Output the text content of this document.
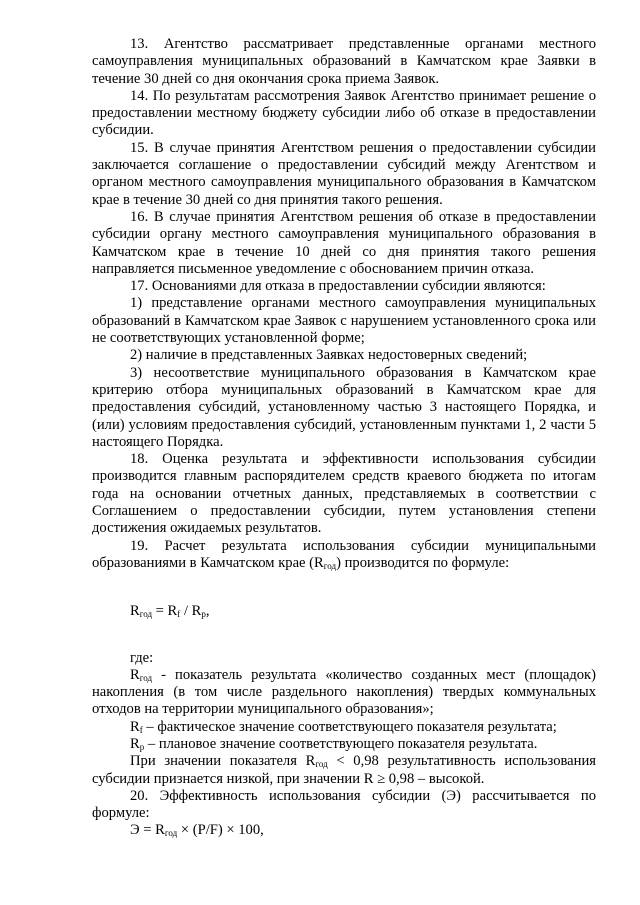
13. Агентство рассматривает представленные органами местного самоуправления муниципальных образований в Камчатском крае Заявки в течение 30 дней со дня окончания срока приема Заявок.

14. По результатам рассмотрения Заявок Агентство принимает решение о предоставлении местному бюджету субсидии либо об отказе в предоставлении субсидии.

15. В случае принятия Агентством решения о предоставлении субсидии заключается соглашение о предоставлении субсидий между Агентством и органом местного самоуправления муниципального образования в Камчатском крае в течение 30 дней со дня принятия такого решения.

16. В случае принятия Агентством решения об отказе в предоставлении субсидии органу местного самоуправления муниципального образования в Камчатском крае в течение 10 дней со дня принятия такого решения направляется письменное уведомление с обоснованием причин отказа.

17. Основаниями для отказа в предоставлении субсидии являются:

1) представление органами местного самоуправления муниципальных образований в Камчатском крае Заявок с нарушением установленного срока или не соответствующих установленной форме;

2) наличие в представленных Заявках недостоверных сведений;

3) несоответствие муниципального образования в Камчатском крае критерию отбора муниципальных образований в Камчатском крае для предоставления субсидий, установленному частью 3 настоящего Порядка, и (или) условиям предоставления субсидий, установленным пунктами 1, 2 части 5 настоящего Порядка.

18. Оценка результата и эффективности использования субсидии производится главным распорядителем средств краевого бюджета по итогам года на основании отчетных данных, представляемых в соответствии с Соглашением о предоставлении субсидии, путем установления степени достижения ожидаемых результатов.

19. Расчет результата использования субсидии муниципальными образованиями в Камчатском крае $(R_{год})$ производится по формуле:

$R_{год} = R_f / R_p$,

где:

$R_{год}$ - показатель результата «количество созданных мест (площадок) накопления (в том числе раздельного накопления) твердых коммунальных отходов на территории муниципального образования»;

$R_f$ – фактическое значение соответствующего показателя результата;

$R_p$ – плановое значение соответствующего показателя результата.

При значении показателя $R_{год} < 0,98$ результативность использования субсидии признается низкой, при значении R ≥ 0,98 – высокой.

20. Эффективность использования субсидии (Э) рассчитывается по формуле:

$Э = R_{год} \times (P/F) \times 100$,
